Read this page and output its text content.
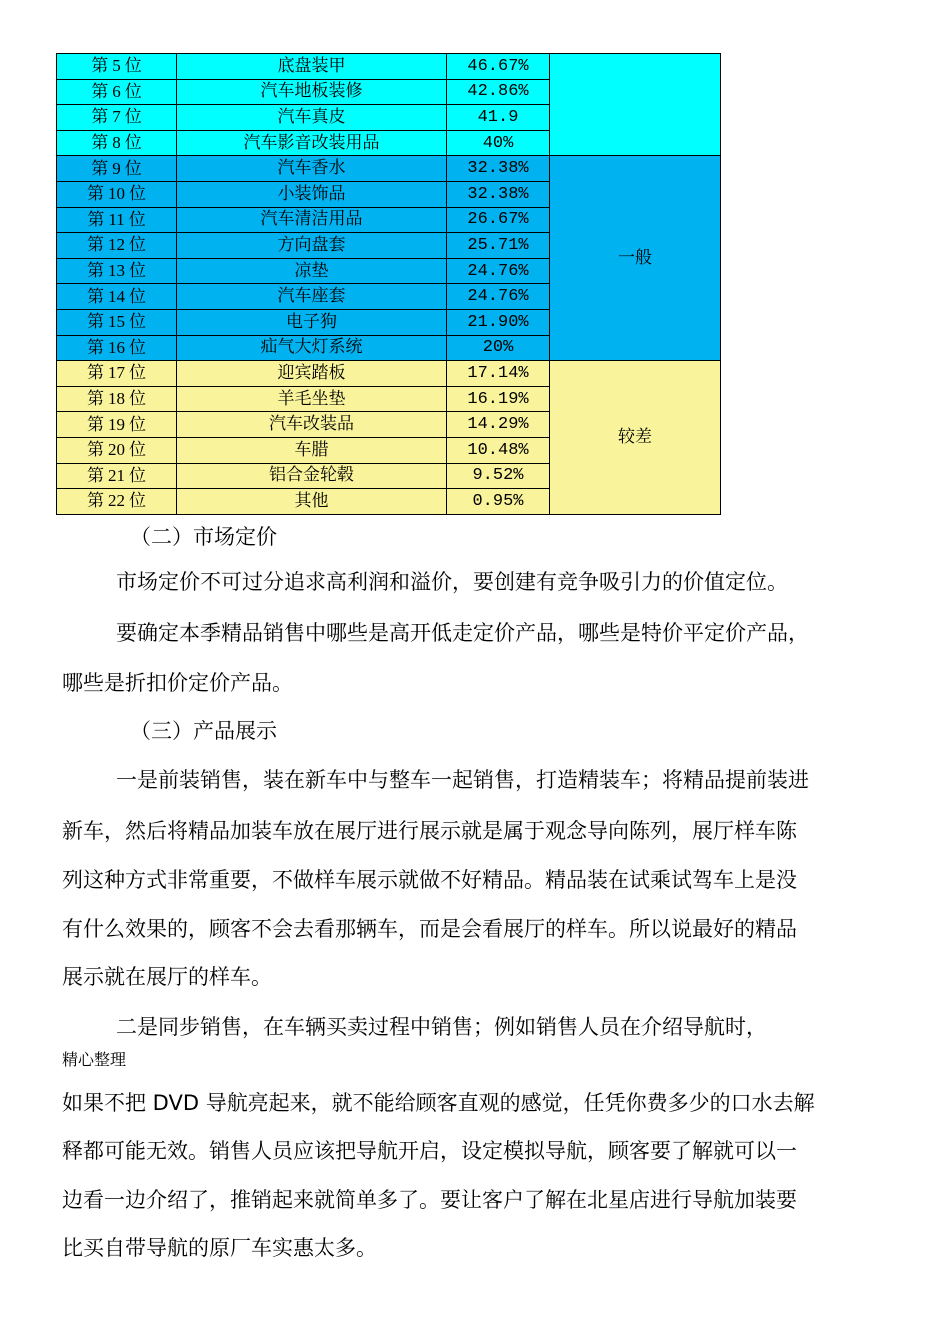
第 5 位	底盘装甲	46.67%	
第 6 位	汽车地板装修	42.86%	
第 7 位	汽车真皮	41.9	
第 8 位	汽车影音改装用品	40%	
第 9 位	汽车香水	32.38%	一般
第 10 位	小装饰品	32.38%	
第 11 位	汽车清洁用品	26.67%	
第 12 位	方向盘套	25.71%	
第 13 位	凉垫	24.76%	
第 14 位	汽车座套	24.76%	
第 15 位	电子狗	21.90%	
第 16 位	疝气大灯系统	20%	
第 17 位	迎宾踏板	17.14%	较差
第 18 位	羊毛坐垫	16.19%	
第 19 位	汽车改装品	14.29%	
第 20 位	车腊	10.48%	
第 21 位	铝合金轮毂	9.52%	
第 22 位	其他	0.95%	
（二）市场定价
市场定价不可过分追求高利润和溢价，要创建有竞争吸引力的价值定位。
要确定本季精品销售中哪些是高开低走定价产品，哪些是特价平定价产品，
哪些是折扣价定价产品。
（三）产品展示
一是前装销售，装在新车中与整车一起销售，打造精装车；将精品提前装进
新车，然后将精品加装车放在展厅进行展示就是属于观念导向陈列，展厅样车陈
列这种方式非常重要，不做样车展示就做不好精品。精品装在试乘试驾车上是没
有什么效果的，顾客不会去看那辆车，而是会看展厅的样车。所以说最好的精品
展示就在展厅的样车。
二是同步销售，在车辆买卖过程中销售；例如销售人员在介绍导航时，
精心整理
如果不把 DVD 导航亮起来，就不能给顾客直观的感觉，任凭你费多少的口水去解
释都可能无效。销售人员应该把导航开启，设定模拟导航，顾客要了解就可以一
边看一边介绍了，推销起来就简单多了。要让客户了解在北星店进行导航加装要
比买自带导航的原厂车实惠太多。
